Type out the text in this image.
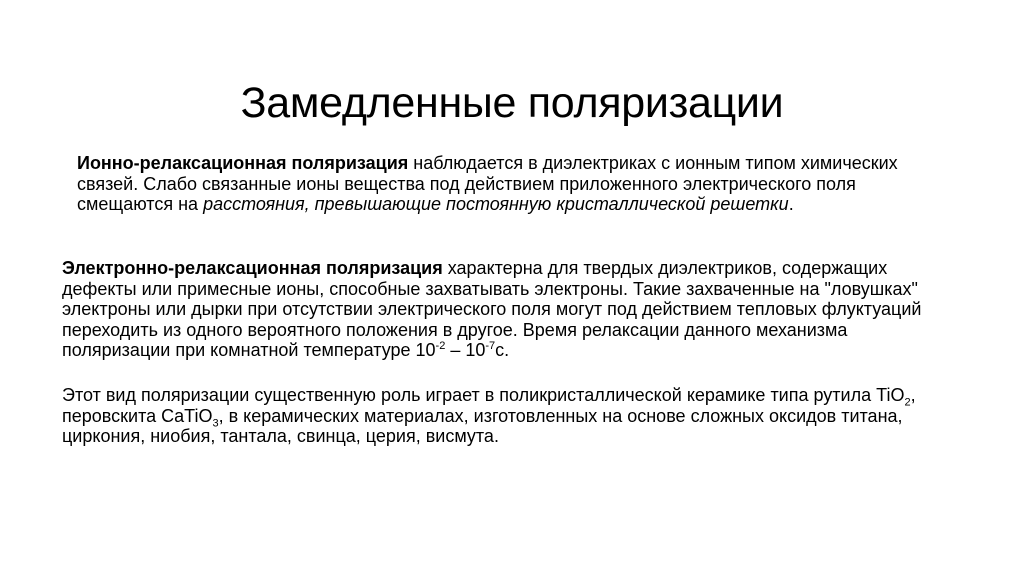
Замедленные поляризации

Ионно-релаксационная поляризация наблюдается в диэлектриках с ионным типом химических связей. Слабо связанные ионы вещества под действием приложенного электрического поля смещаются на расстояния, превышающие постоянную кристаллической решетки.

Электронно-релаксационная поляризация характерна для твердых диэлектриков, содержащих дефекты или примесные ионы, способные захватывать электроны. Такие захваченные на "ловушках" электроны или дырки при отсутствии электрического поля могут под действием тепловых флуктуаций переходить из одного вероятного положения в другое. Время релаксации данного механизма поляризации при комнатной температуре $10^{-2} - 10^{-7}с$.

Этот вид поляризации существенную роль играет в поликристаллической керамике типа рутила TiO$_2$, перовскита CaTiO$_3$, в керамических материалах, изготовленных на основе сложных оксидов титана, циркония, ниобия, тантала, свинца, церия, висмута.
